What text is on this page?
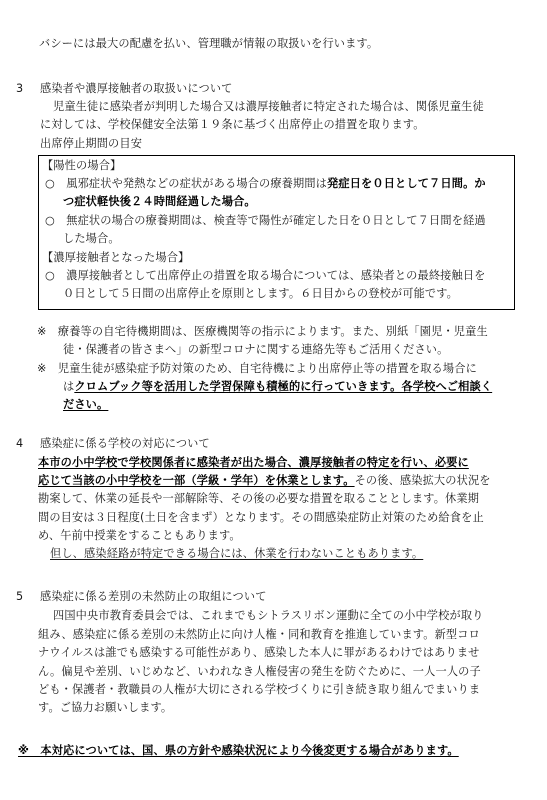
バシーには最大の配慮を払い、管理職が情報の取扱いを行います。
3 感染者や濃厚接触者の取扱いについて
児童生徒に感染者が判明した場合又は濃厚接触者に特定された場合は、関係児童生徒
に対しては、学校保健安全法第１９条に基づく出席停止の措置を取ります。
出席停止期間の目安
【陽性の場合】
○　風邪症状や発熱などの症状がある場合の療養期間は発症日を０日として７日間。か
つ症状軽快後２４時間経過した場合。
○　無症状の場合の療養期間は、検査等で陽性が確定した日を０日として７日間を経過
した場合。
【濃厚接触者となった場合】
○　濃厚接触者として出席停止の措置を取る場合については、感染者との最終接触日を
０日として５日間の出席停止を原則とします。６日目からの登校が可能です。
※　療養等の自宅待機期間は、医療機関等の指示によります。また、別紙「園児・児童生
徒・保護者の皆さまへ」の新型コロナに関する連絡先等もご活用ください。
※　児童生徒が感染症予防対策のため、自宅待機により出席停止等の措置を取る場合に
はクロムブック等を活用した学習保障も積極的に行っていきます。各学校へご相談く
ださい。
4 感染症に係る学校の対応について
本市の小中学校で学校関係者に感染者が出た場合、濃厚接触者の特定を行い、必要に
応じて当該の小中学校を一部（学級・学年）を休業とします。その後、感染拡大の状況を
勘案して、休業の延長や一部解除等、その後の必要な措置を取ることとします。休業期
間の目安は３日程度(土日を含まず）となります。その間感染症防止対策のため給食を止
め、午前中授業をすることもあります。
但し、感染経路が特定できる場合には、休業を行わないこともあります。
5 感染症に係る差別の未然防止の取組について
四国中央市教育委員会では、これまでもシトラスリボン運動に全ての小中学校が取り
組み、感染症に係る差別の未然防止に向け人権・同和教育を推進しています。新型コロ
ナウイルスは誰でも感染する可能性があり、感染した本人に罪があるわけではありませ
ん。偏見や差別、いじめなど、いわれなき人権侵害の発生を防ぐために、一人一人の子
ども・保護者・教職員の人権が大切にされる学校づくりに引き続き取り組んでまいりま
す。ご協力お願いします。
※　本対応については、国、県の方針や感染状況により今後変更する場合があります。
